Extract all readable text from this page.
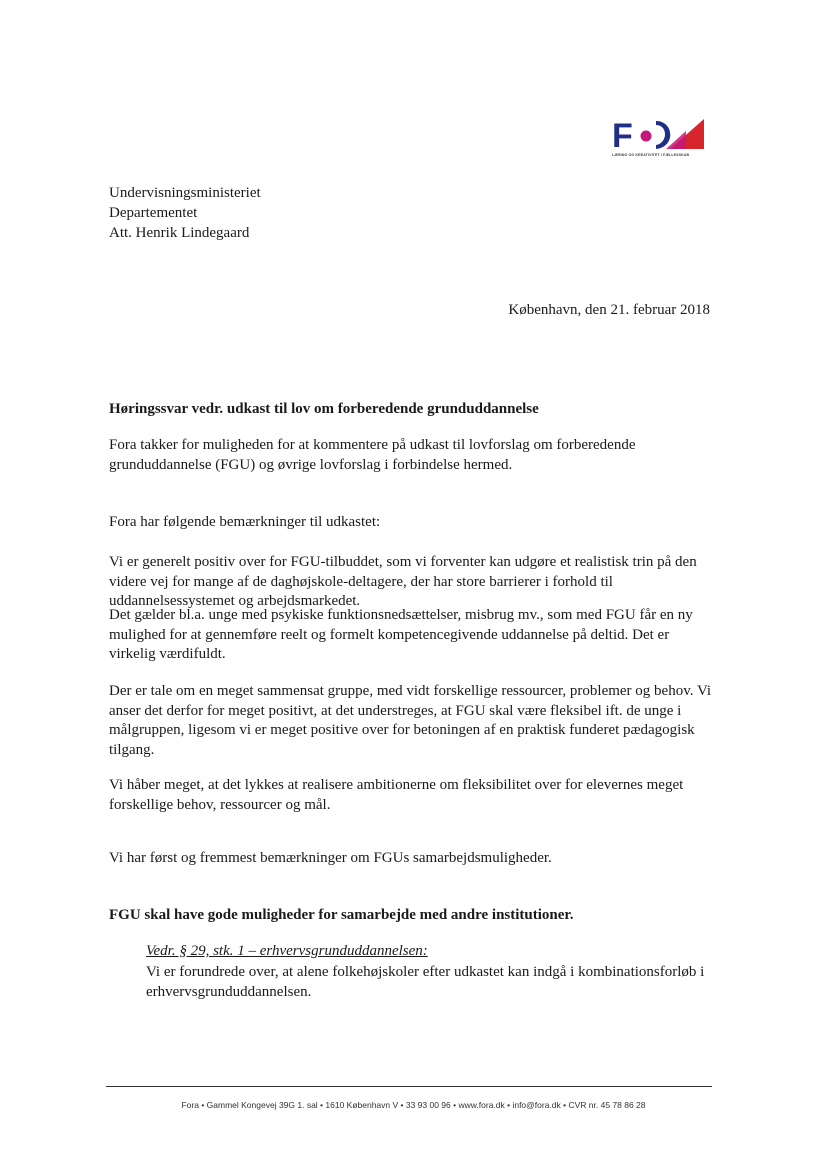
F
LÆRING OG KREATIVITET I FÆLLESSKAB
Undervisningsministeriet
Departementet
Att. Henrik Lindegaard
København, den 21. februar 2018
Høringssvar vedr. udkast til lov om forberedende grunduddannelse

Fora takker for muligheden for at kommentere på udkast til lovforslag om forberedende grunduddannelse (FGU) og øvrige lovforslag i forbindelse hermed.

Fora har følgende bemærkninger til udkastet:

Vi er generelt positiv over for FGU-tilbuddet, som vi forventer kan udgøre et realistisk trin på den videre vej for mange af de daghøjskole-deltagere, der har store barrierer i forhold til uddannelsessystemet og arbejdsmarkedet.

Det gælder bl.a. unge med psykiske funktionsnedsættelser, misbrug mv., som med FGU får en ny mulighed for at gennemføre reelt og formelt kompetencegivende uddannelse på deltid. Det er virkelig værdifuldt.

Der er tale om en meget sammensat gruppe, med vidt forskellige ressourcer, problemer og behov. Vi anser det derfor for meget positivt, at det understreges, at FGU skal være fleksibel ift. de unge i målgruppen, ligesom vi er meget positive over for betoningen af en praktisk funderet pædagogisk tilgang.

Vi håber meget, at det lykkes at realisere ambitionerne om fleksibilitet over for elevernes meget forskellige behov, ressourcer og mål.

Vi har først og fremmest bemærkninger om FGUs samarbejdsmuligheder.

FGU skal have gode muligheder for samarbejde med andre institutioner.
Vedr. § 29, stk. 1 – erhvervsgrunduddannelsen:

Vi er forundrede over, at alene folkehøjskoler efter udkastet kan indgå i kombinationsforløb i erhvervsgrunduddannelsen.

Fora • Gammel Kongevej 39G 1. sal • 1610 København V • 33 93 00 96 • www.fora.dk • info@fora.dk • CVR nr. 45 78 86 28
